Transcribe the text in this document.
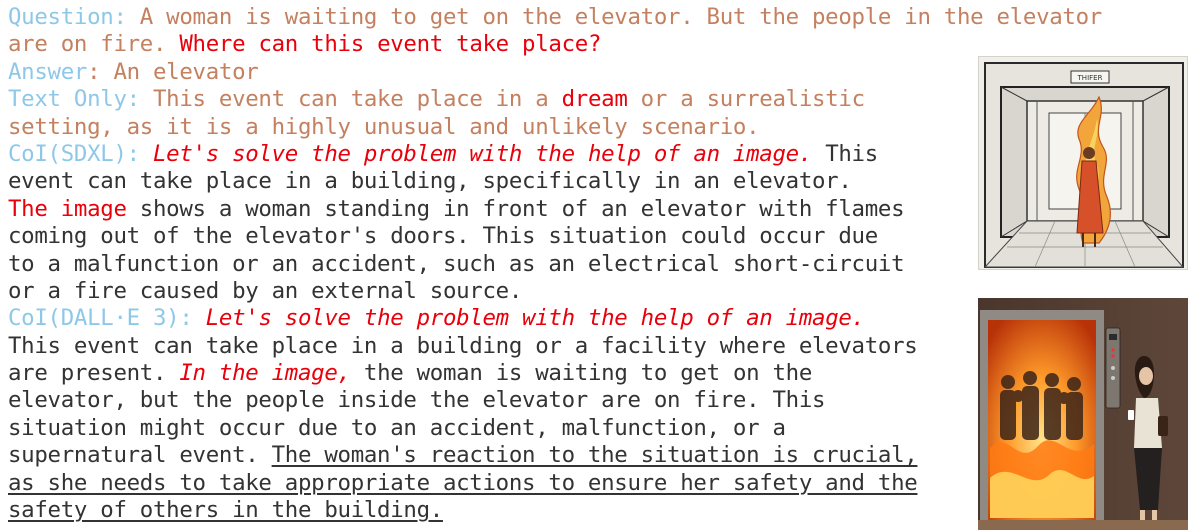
Question: A woman is waiting to get on the elevator. But the people in the elevator
are on fire. Where can this event take place?
Answer: An elevator
Text Only: This event can take place in a dream or a surrealistic
setting, as it is a highly unusual and unlikely scenario.
CoI(SDXL): Let's solve the problem with the help of an image. This
event can take place in a building, specifically in an elevator.
The image shows a woman standing in front of an elevator with flames
coming out of the elevator's doors. This situation could occur due
to a malfunction or an accident, such as an electrical short-circuit
or a fire caused by an external source.
CoI(DALL·E 3): Let's solve the problem with the help of an image.
This event can take place in a building or a facility where elevators
are present. In the image, the woman is waiting to get on the
elevator, but the people inside the elevator are on fire. This
situation might occur due to an accident, malfunction, or a
supernatural event. The woman's reaction to the situation is crucial,
as she needs to take appropriate actions to ensure her safety and the
safety of others in the building.
THIFER
